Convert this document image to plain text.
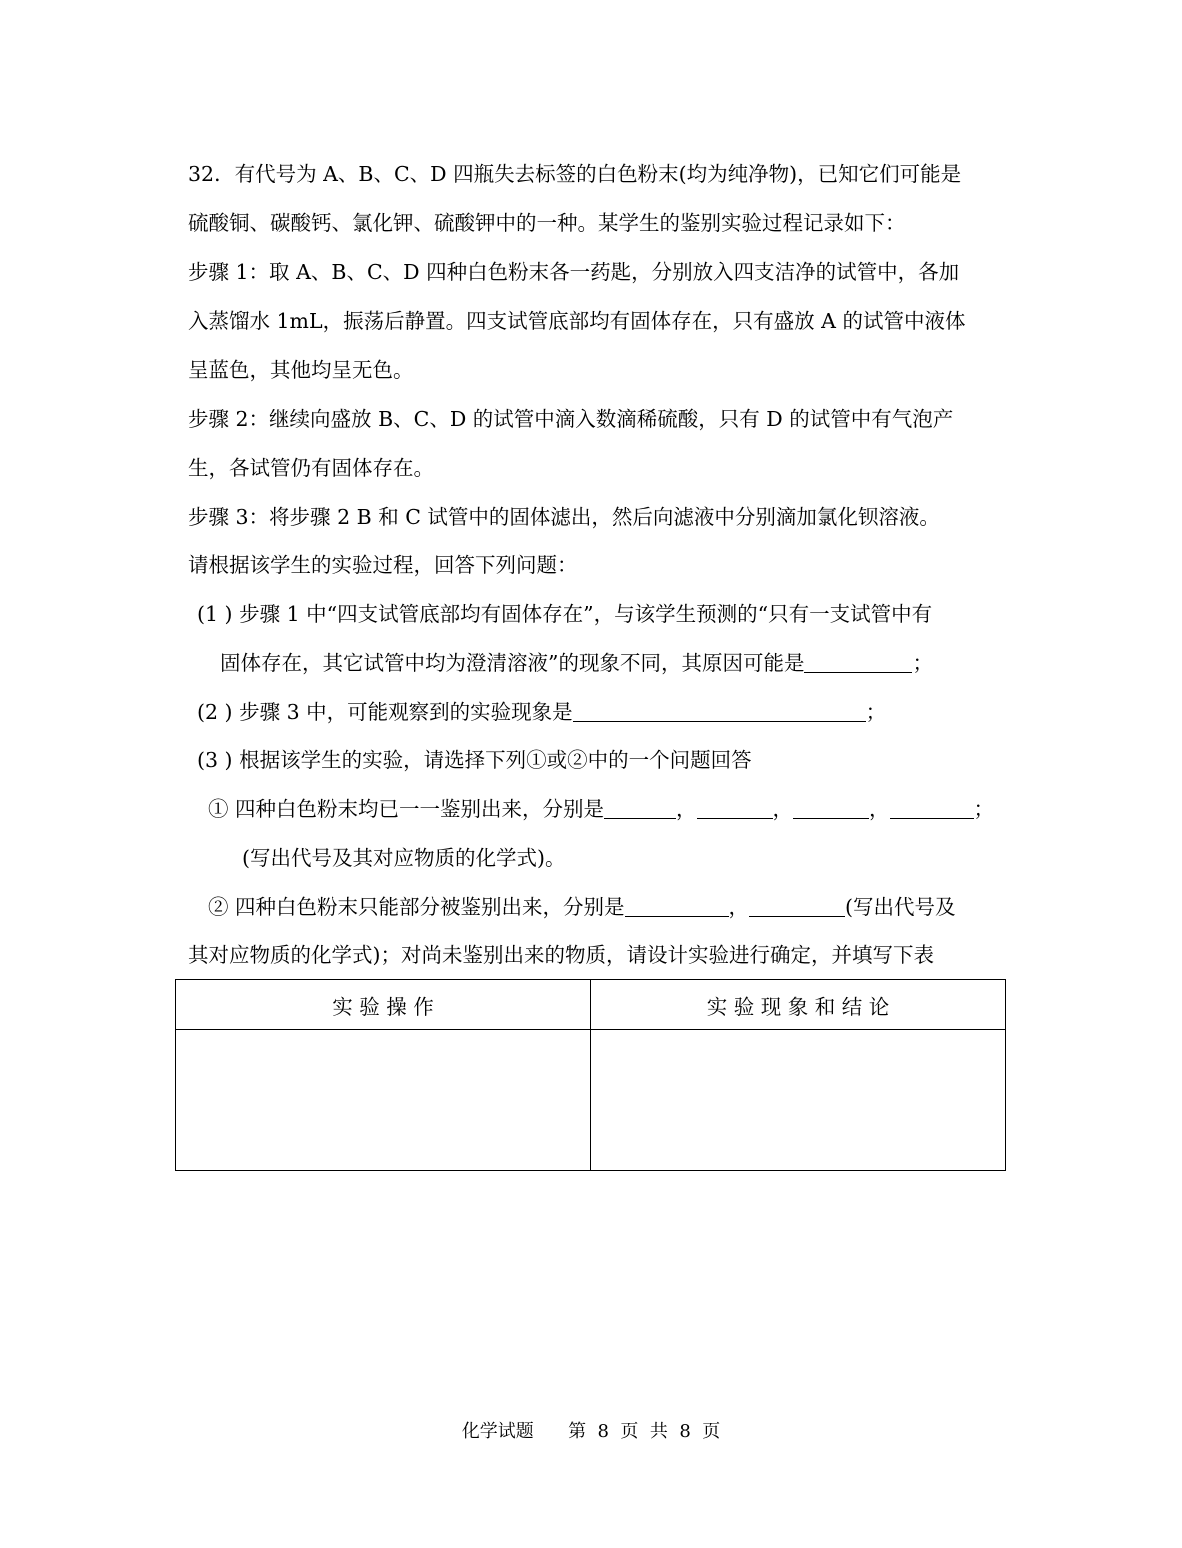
32．有代号为 A、B、C、D 四瓶失去标签的白色粉末(均为纯净物)，已知它们可能是
硫酸铜、碳酸钙、氯化钾、硫酸钾中的一种。某学生的鉴别实验过程记录如下：
步骤 1：取 A、B、C、D 四种白色粉末各一药匙，分别放入四支洁净的试管中，各加
入蒸馏水 1mL，振荡后静置。四支试管底部均有固体存在，只有盛放 A 的试管中液体
呈蓝色，其他均呈无色。
步骤 2：继续向盛放 B、C、D 的试管中滴入数滴稀硫酸，只有 D 的试管中有气泡产
生，各试管仍有固体存在。
步骤 3：将步骤 2 B 和 C 试管中的固体滤出，然后向滤液中分别滴加氯化钡溶液。
请根据该学生的实验过程，回答下列问题：
(1 ) 步骤 1 中“四支试管底部均有固体存在”，与该学生预测的“只有一支试管中有
固体存在，其它试管中均为澄清溶液”的现象不同，其原因可能是	；
(2 ) 步骤 3 中，可能观察到的实验现象是	；
(3 ) 根据该学生的实验，请选择下列①或②中的一个问题回答
① 四种白色粉末均已一一鉴别出来，分别是	，	，	，	；
(写出代号及其对应物质的化学式)。
② 四种白色粉末只能部分被鉴别出来，分别是	，	(写出代号及
其对应物质的化学式)；对尚未鉴别出来的物质，请设计实验进行确定，并填写下表
实 验 操 作	实 验 现 象 和 结 论

化学试题      第  8  页  共  8  页
